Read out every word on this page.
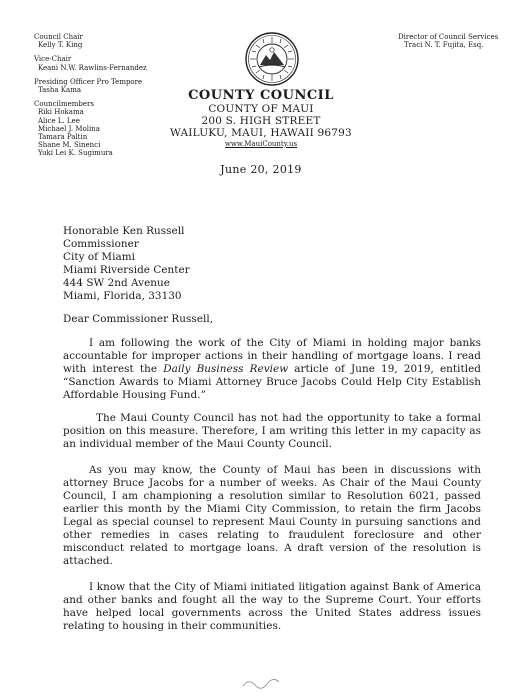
Council Chair
Kelly T. King
Vice-Chair
Keani N.W. Rawlins-Fernandez
Presiding Officer Pro Tempore
Tasha Kama
Councilmembers
Riki Hokama
Alice L. Lee
Michael J. Molina
Tamara Paltin
Shane M. Sinenci
Yuki Lei K. Sugimura
Director of Council Services
Traci N. T. Fujita, Esq.
COUNTY COUNCIL
COUNTY OF MAUI
200 S. HIGH STREET
WAILUKU, MAUI, HAWAII 96793
www.MauiCounty.us
June 20, 2019
Honorable Ken Russell
Commissioner
City of Miami
Miami Riverside Center
444 SW 2nd Avenue
Miami, Florida, 33130
Dear Commissioner Russell,
I am following the work of the City of Miami in holding major banks accountable for improper actions in their handling of mortgage loans. I read with interest the Daily Business Review article of June 19, 2019, entitled “Sanction Awards to Miami Attorney Bruce Jacobs Could Help City Establish Affordable Housing Fund.”
The Maui County Council has not had the opportunity to take a formal position on this measure. Therefore, I am writing this letter in my capacity as an individual member of the Maui County Council.
As you may know, the County of Maui has been in discussions with attorney Bruce Jacobs for a number of weeks. As Chair of the Maui County Council, I am championing a resolution similar to Resolution 6021, passed earlier this month by the Miami City Commission, to retain the firm Jacobs Legal as special counsel to represent Maui County in pursuing sanctions and other remedies in cases relating to fraudulent foreclosure and other misconduct related to mortgage loans. A draft version of the resolution is attached.
I know that the City of Miami initiated litigation against Bank of America and other banks and fought all the way to the Supreme Court. Your efforts have helped local governments across the United States address issues relating to housing in their communities.
